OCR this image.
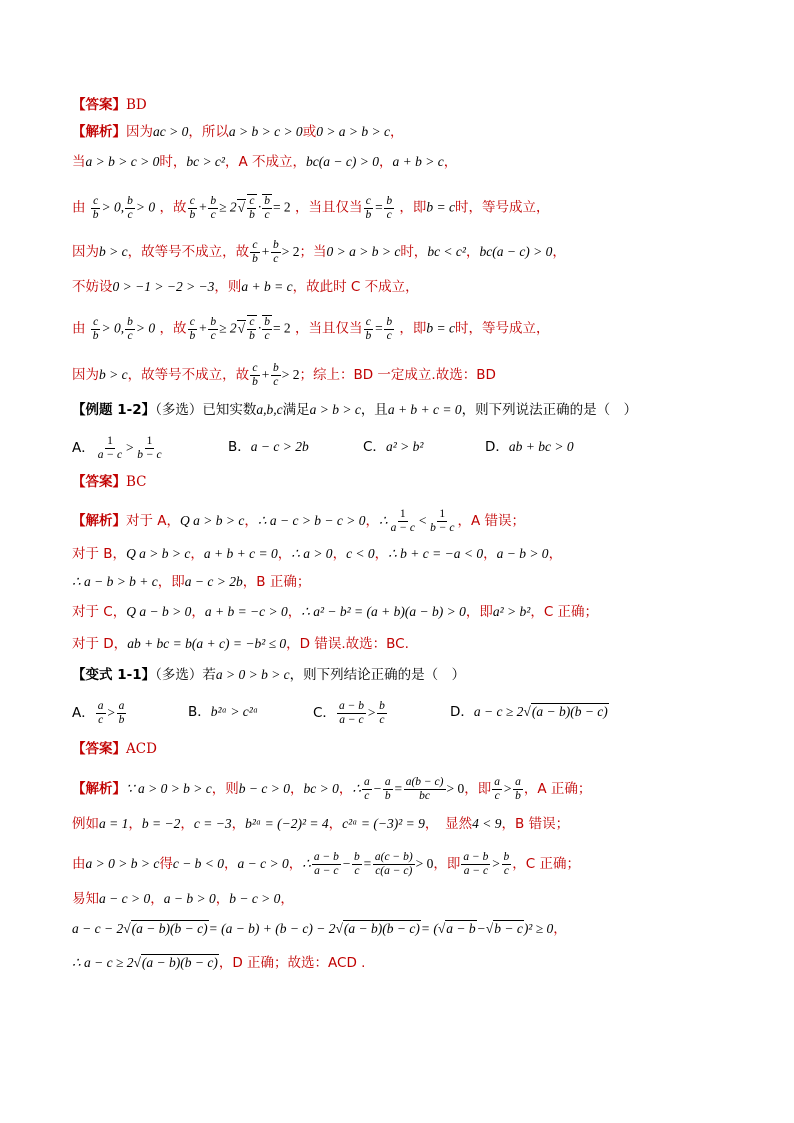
【答案】BD
【解析】因为ac > 0，所以a > b > c > 0或0 > a > b > c，
当a > b > c > 0时，bc > c²，A 不成立，bc(a − c) > 0，a + b > c，
由 $\frac{c}{b} > 0$, $\frac{b}{c} > 0$ ，故 $\frac{c}{b} + \frac{b}{c} \ge 2√ \frac{c}{b} \cdot \frac{b}{c} = 2$ ，当且仅当 $\frac{c}{b} = \frac{b}{c}$ ，即b = c时，等号成立，
因为b > c，故等号不成立，故 $\frac{c}{b} + \frac{b}{c} > 2$；当0 > a > b > c时，bc < c²，bc(a − c) > 0，
不妨设0 > −1 > −2 > −3，则a + b = c，故此时 C 不成立，
由 $\frac{c}{b} > 0$, $\frac{b}{c} > 0$ ，故 $\frac{c}{b} + \frac{b}{c} \ge 2√ \frac{c}{b} \cdot \frac{b}{c} = 2$ ，当且仅当 $\frac{c}{b} = \frac{b}{c}$ ，即b = c时，等号成立，
因为b > c，故等号不成立，故 $\frac{c}{b} + \frac{b}{c} > 2$；综上：BD 一定成立.故选：BD
【例题 1-2】（多选）已知实数a,b,c满足a > b > c，且a + b + c = 0，则下列说法正确的是（　）
A． $\frac{1}{a - c} > \frac{1}{b - c}$	B．a − c > 2b	C．a² > b²	D．ab + bc > 0
【答案】BC
【解析】对于 A，Q a > b > c，∴ a − c > b − c > 0，∴ $\frac{1}{a - c} < \frac{1}{b - c}$ ，A 错误；
对于 B，Q a > b > c，a + b + c = 0，∴ a > 0，c < 0，∴ b + c = −a < 0，a − b > 0，
∴ a − b > b + c，即a − c > 2b，B 正确；
对于 C，Q a − b > 0，a + b = −c > 0，∴ a² − b² = (a + b)(a − b) > 0，即a² > b²，C 正确；
对于 D，ab + bc = b(a + c) = −b² ≤ 0，D 错误.故选：BC.
【变式 1-1】（多选）若a > 0 > b > c，则下列结论正确的是（　）
A． $\frac{a}{c} > \frac{a}{b}$	B．b²ᵃ > c²ᵃ	C． $\frac{a - b}{a - c} > \frac{b}{c}$	D．a − c ≥ 2√(a − b)(b − c)
【答案】ACD
【解析】∵ a > 0 > b > c，则b − c > 0，bc > 0，∴ $\frac{a}{c} - \frac{a}{b} = \frac{a(b - c)}{bc} > 0$，即 $\frac{a}{c} > \frac{a}{b}$ ，A 正确；
例如a = 1，b = −2，c = −3，b²ᵃ = (−2)² = 4，c²ᵃ = (−3)² = 9，　显然4 < 9，B 错误；
由a > 0 > b > c得c − b < 0，a − c > 0，∴ $\frac{a - b}{a - c} - \frac{b}{c} = \frac{a(c - b)}{c(a - c)} > 0$，即 $\frac{a - b}{a - c} > \frac{b}{c}$ ，C 正确；
易知a − c > 0，a − b > 0，b − c > 0，
a − c − 2√(a − b)(b − c)= (a − b) + (b − c) − 2√(a − b)(b − c)= (√a − b−√b − c)² ≥ 0，
∴ a − c ≥ 2√(a − b)(b − c)，D 正确；故选：ACD .
